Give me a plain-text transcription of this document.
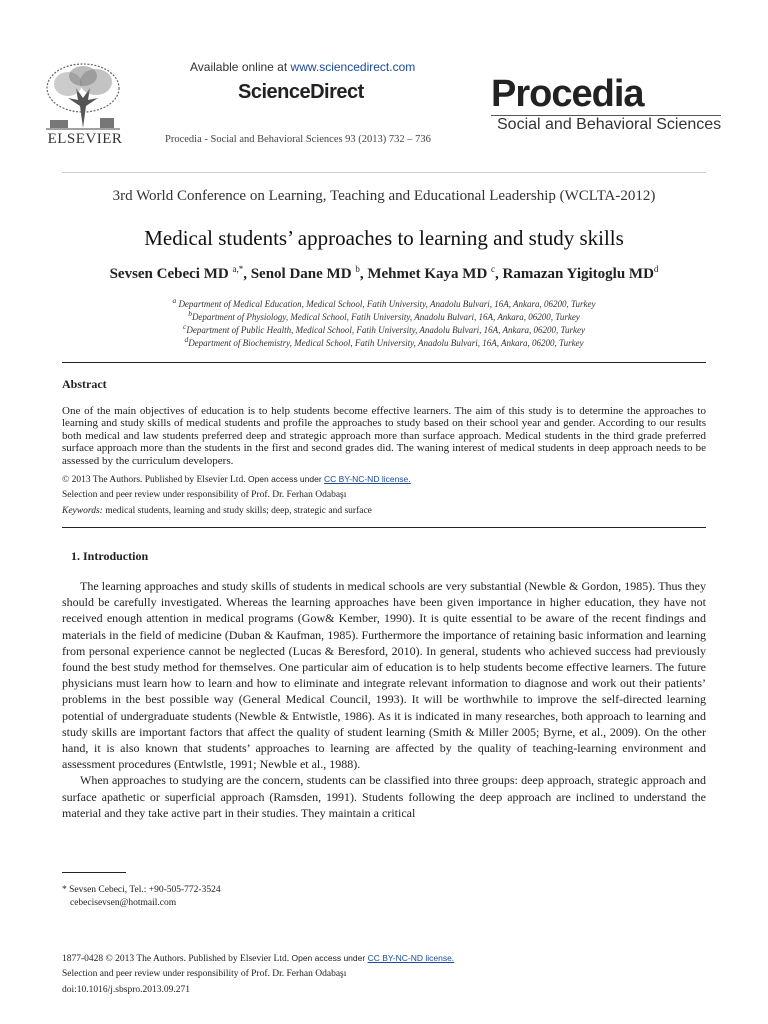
ELSEVIER
Available online at www.sciencedirect.com
ScienceDirect
Procedia - Social and Behavioral Sciences 93 (2013) 732 – 736
Procedia
Social and Behavioral Sciences
3rd World Conference on Learning, Teaching and Educational Leadership (WCLTA-2012)
Medical students’ approaches to learning and study skills
Sevsen Cebeci MD $^{a,*}$, Senol Dane MD $^b$, Mehmet Kaya MD $^c$, Ramazan Yigitoglu $MD^d$
$^a$ Department of Medical Education, Medical School, Fatih University, Anadolu Bulvari, 16A, Ankara, 06200, Turkey
$^b$Department of Physiology, Medical School, Fatih University, Anadolu Bulvari, 16A, Ankara, 06200, Turkey
$^c$Department of Public Health, Medical School, Fatih University, Anadolu Bulvari, 16A, Ankara, 06200, Turkey
$^d$Department of Biochemistry, Medical School, Fatih University, Anadolu Bulvari, 16A, Ankara, 06200, Turkey
Abstract
One of the main objectives of education is to help students become effective learners. The aim of this study is to determine the approaches to learning and study skills of medical students and profile the approaches to study based on their school year and gender. According to our results both medical and law students preferred deep and strategic approach more than surface approach. Medical students in the third grade preferred surface approach more than the students in the first and second grades did. The waning interest of medical students in deep approach needs to be assessed by the curriculum developers.
© 2013 The Authors. Published by Elsevier Ltd. Open access under CC BY-NC-ND license.
Selection and peer review under responsibility of Prof. Dr. Ferhan Odabaşı
Keywords: medical students, learning and study skills; deep, strategic and surface
1. Introduction

The learning approaches and study skills of students in medical schools are very substantial (Newble & Gordon, 1985). Thus they should be carefully investigated. Whereas the learning approaches have been given importance in higher education, they have not received enough attention in medical programs (Gow& Kember, 1990). It is quite essential to be aware of the recent findings and materials in the field of medicine (Duban & Kaufman, 1985). Furthermore the importance of retaining basic information and learning from personal experience cannot be neglected (Lucas & Beresford, 2010). In general, students who achieved success had previously found the best study method for themselves. One particular aim of education is to help students become effective learners. The future physicians must learn how to learn and how to eliminate and integrate relevant information to diagnose and work out their patients’ problems in the best possible way (General Medical Council, 1993). It will be worthwhile to improve the self-directed learning potential of undergraduate students (Newble & Entwistle, 1986). As it is indicated in many researches, both approach to learning and study skills are important factors that affect the quality of student learning (Smith & Miller 2005; Byrne, et al., 2009). On the other hand, it is also known that students’ approaches to learning are affected by the quality of teaching-learning environment and assessment procedures (Entwlstle, 1991; Newble et al., 1988).

When approaches to studying are the concern, students can be classified into three groups: deep approach, strategic approach and surface apathetic or superficial approach (Ramsden, 1991). Students following the deep approach are inclined to understand the material and they take active part in their studies. They maintain a critical

* Sevsen Cebeci, Tel.: +90-505-772-3524
cebecisevsen@hotmail.com
1877-0428 © 2013 The Authors. Published by Elsevier Ltd. Open access under CC BY-NC-ND license.
Selection and peer review under responsibility of Prof. Dr. Ferhan Odabaşı
doi:10.1016/j.sbspro.2013.09.271
